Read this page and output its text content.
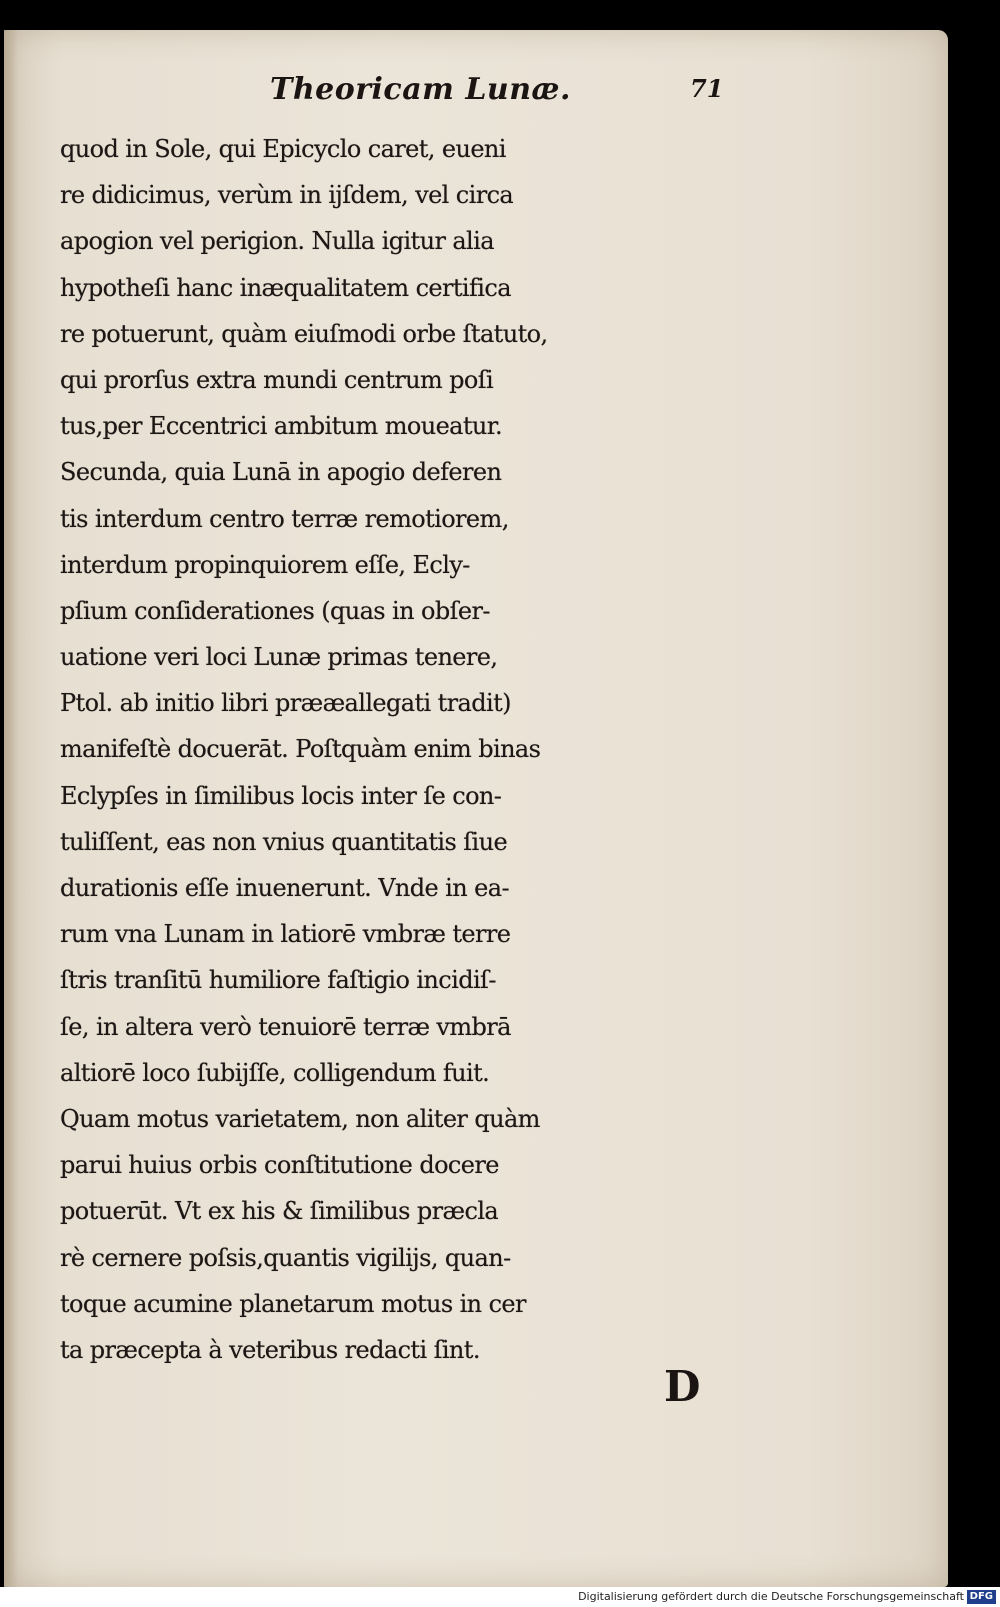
Theoricam Lunæ.	71
quod in Sole, qui Epicyclo caret, eueni
re didicimus, verùm in ijſdem, vel circa
apogion vel perigion. Nulla igitur alia
hypotheſi hanc inæqualitatem certifica
re potuerunt, quàm eiuſmodi orbe ſtatuto,
qui prorſus extra mundi centrum poſi
tus,per Eccentrici ambitum moueatur.
Secunda, quia Lunā in apogio deferen
tis interdum centro terræ remotiorem,
interdum propinquiorem eſſe, Ecly-
pſium conſiderationes (quas in obſer-
uatione veri loci Lunæ primas tenere,
Ptol. ab initio libri prææallegati tradit)
manifeſtè docuerāt. Poſtquàm enim binas
Eclypſes in ſimilibus locis inter ſe con-
tuliſſent, eas non vnius quantitatis ſiue
durationis eſſe inuenerunt. Vnde in ea-
rum vna Lunam in latiorē vmbræ terre
ſtris tranſitū humiliore faſtigio incidiſ-
ſe, in altera verò tenuiorē terræ vmbrā
altiorē loco ſubijſſe, colligendum fuit.
Quam motus varietatem, non aliter quàm
parui huius orbis conſtitutione docere
potuerūt. Vt ex his & ſimilibus præcla
rè cernere poſsis,quantis vigilijs, quan-
toque acumine planetarum motus in cer
ta præcepta à veteribus redacti ſint.
D
Digitalisierung gefördert durch die Deutsche Forschungsgemeinschaft DFG
